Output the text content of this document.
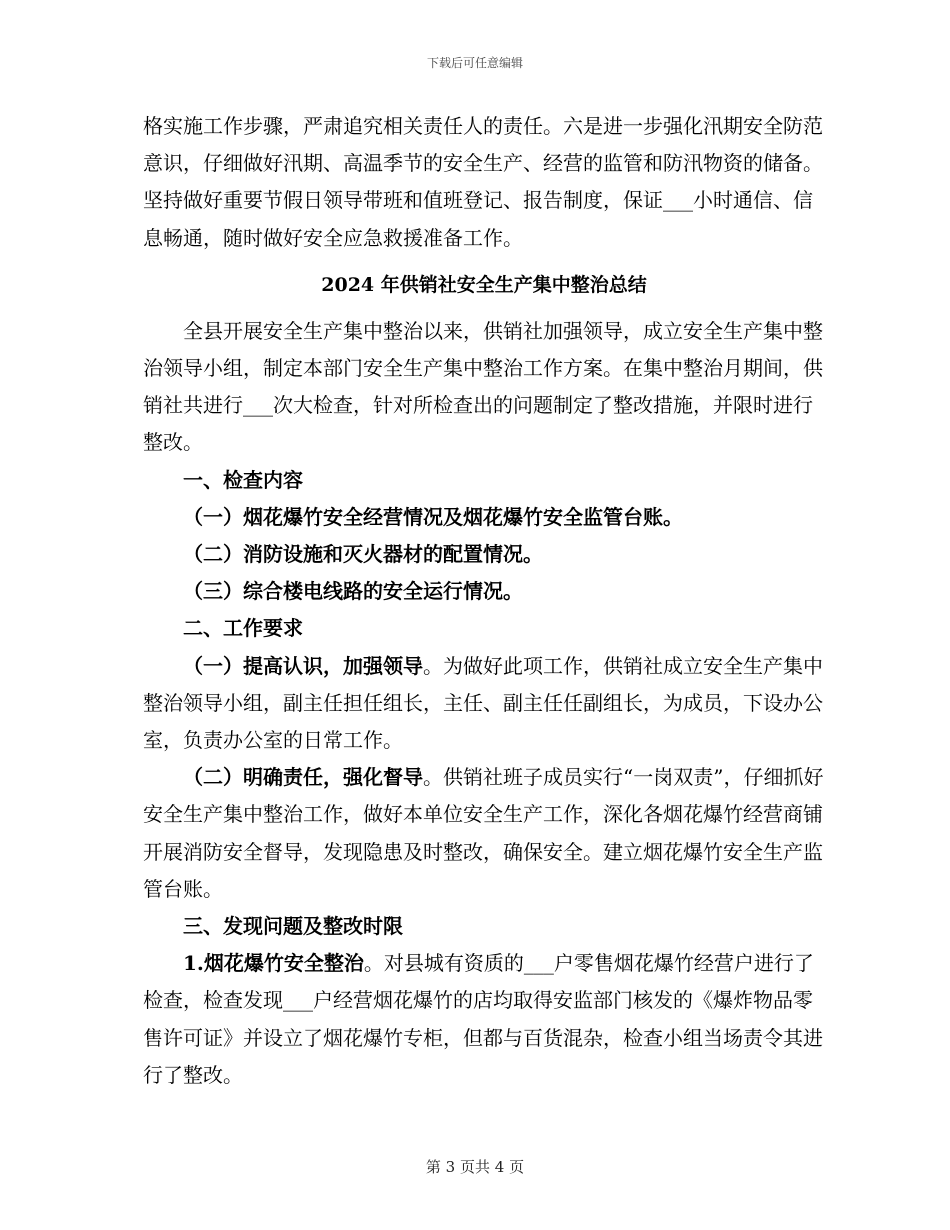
下载后可任意编辑

格实施工作步骤，严肃追究相关责任人的责任。六是进一步强化汛期安全防范意识，仔细做好汛期、高温季节的安全生产、经营的监管和防汛物资的储备。坚持做好重要节假日领导带班和值班登记、报告制度，保证___小时通信、信息畅通，随时做好安全应急救援准备工作。

2024 年供销社安全生产集中整治总结

全县开展安全生产集中整治以来，供销社加强领导，成立安全生产集中整治领导小组，制定本部门安全生产集中整治工作方案。在集中整治月期间，供销社共进行___次大检查，针对所检查出的问题制定了整改措施，并限时进行整改。

一、检查内容

（一）烟花爆竹安全经营情况及烟花爆竹安全监管台账。

（二）消防设施和灭火器材的配置情况。

（三）综合楼电线路的安全运行情况。

二、工作要求

（一）提高认识，加强领导。为做好此项工作，供销社成立安全生产集中整治领导小组，副主任担任组长，主任、副主任任副组长，为成员，下设办公室，负责办公室的日常工作。

（二）明确责任，强化督导。供销社班子成员实行“一岗双责”，仔细抓好安全生产集中整治工作，做好本单位安全生产工作，深化各烟花爆竹经营商铺开展消防安全督导，发现隐患及时整改，确保安全。建立烟花爆竹安全生产监管台账。

三、发现问题及整改时限

1.烟花爆竹安全整治。对县城有资质的___户零售烟花爆竹经营户进行了检查，检查发现___户经营烟花爆竹的店均取得安监部门核发的《爆炸物品零售许可证》并设立了烟花爆竹专柜，但都与百货混杂，检查小组当场责令其进行了整改。

第 3 页共 4 页
